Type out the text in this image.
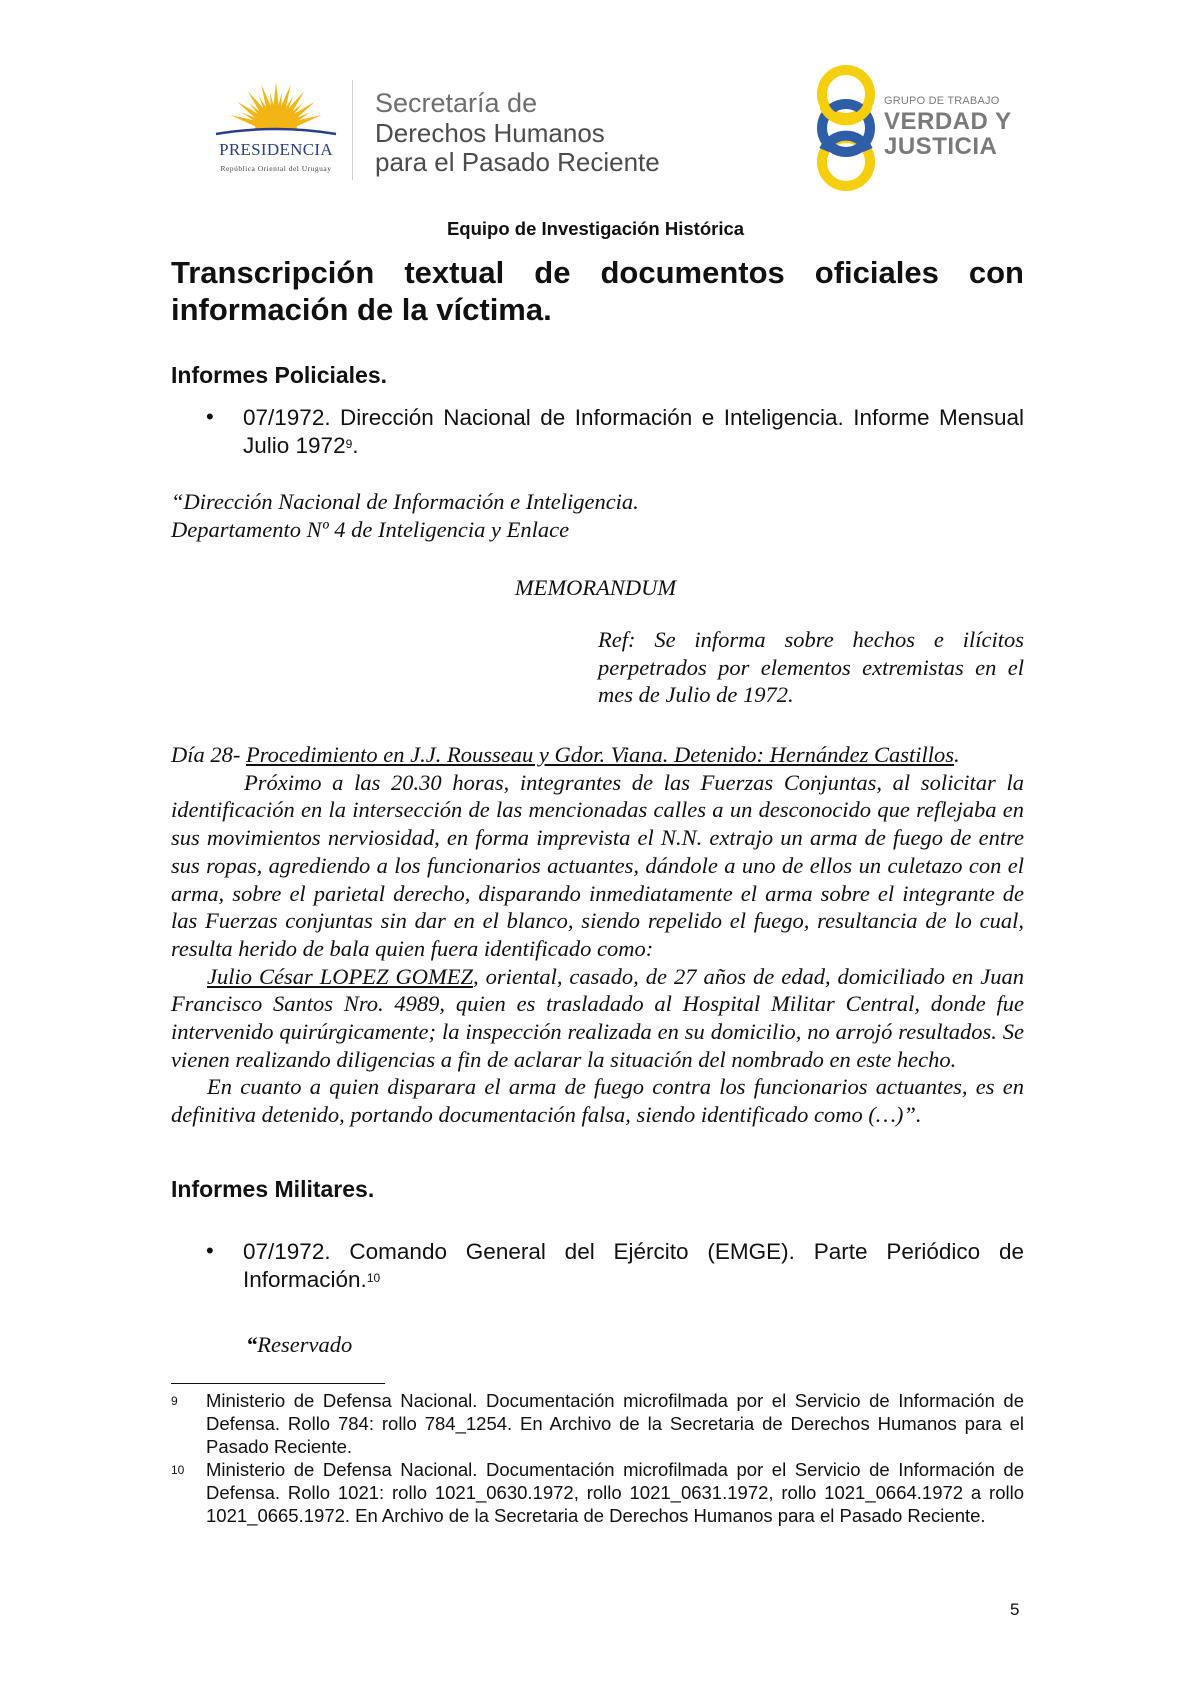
PRESIDENCIA
República Oriental del Uruguay
Secretaría de
Derechos Humanos
para el Pasado Reciente
GRUPO DE TRABAJO
VERDAD Y
JUSTICIA
Equipo de Investigación Histórica
Transcripción textual de documentos oficiales con información de la víctima.
Informes Policiales.
• 07/1972. Dirección Nacional de Información e Inteligencia. Informe Mensual Julio 1972$^9$.
“Dirección Nacional de Información e Inteligencia.
Departamento Nº 4 de Inteligencia y Enlace
MEMORANDUM
Ref: Se informa sobre hechos e ilícitos perpetrados por elementos extremistas en el mes de Julio de 1972.

Día 28- Procedimiento en J.J. Rousseau y Gdor. Viana. Detenido: Hernández Castillos.

Próximo a las 20.30 horas, integrantes de las Fuerzas Conjuntas, al solicitar la identificación en la intersección de las mencionadas calles a un desconocido que reflejaba en sus movimientos nerviosidad, en forma imprevista el N.N. extrajo un arma de fuego de entre sus ropas, agrediendo a los funcionarios actuantes, dándole a uno de ellos un culetazo con el arma, sobre el parietal derecho, disparando inmediatamente el arma sobre el integrante de las Fuerzas conjuntas sin dar en el blanco, siendo repelido el fuego, resultancia de lo cual, resulta herido de bala quien fuera identificado como:

Julio César LOPEZ GOMEZ, oriental, casado, de 27 años de edad, domiciliado en Juan Francisco Santos Nro. 4989, quien es trasladado al Hospital Militar Central, donde fue intervenido quirúrgicamente; la inspección realizada en su domicilio, no arrojó resultados. Se vienen realizando diligencias a fin de aclarar la situación del nombrado en este hecho.

En cuanto a quien disparara el arma de fuego contra los funcionarios actuantes, es en definitiva detenido, portando documentación falsa, siendo identificado como (…)”.

Informes Militares.
• 07/1972. Comando General del Ejército (EMGE). Parte Periódico de Información.$^{10}$
“Reservado
9 Ministerio de Defensa Nacional. Documentación microfilmada por el Servicio de Información de Defensa. Rollo 784: rollo 784_1254. En Archivo de la Secretaria de Derechos Humanos para el Pasado Reciente.
10 Ministerio de Defensa Nacional. Documentación microfilmada por el Servicio de Información de Defensa. Rollo 1021: rollo 1021_0630.1972, rollo 1021_0631.1972, rollo 1021_0664.1972 a rollo 1021_0665.1972. En Archivo de la Secretaria de Derechos Humanos para el Pasado Reciente.
5
